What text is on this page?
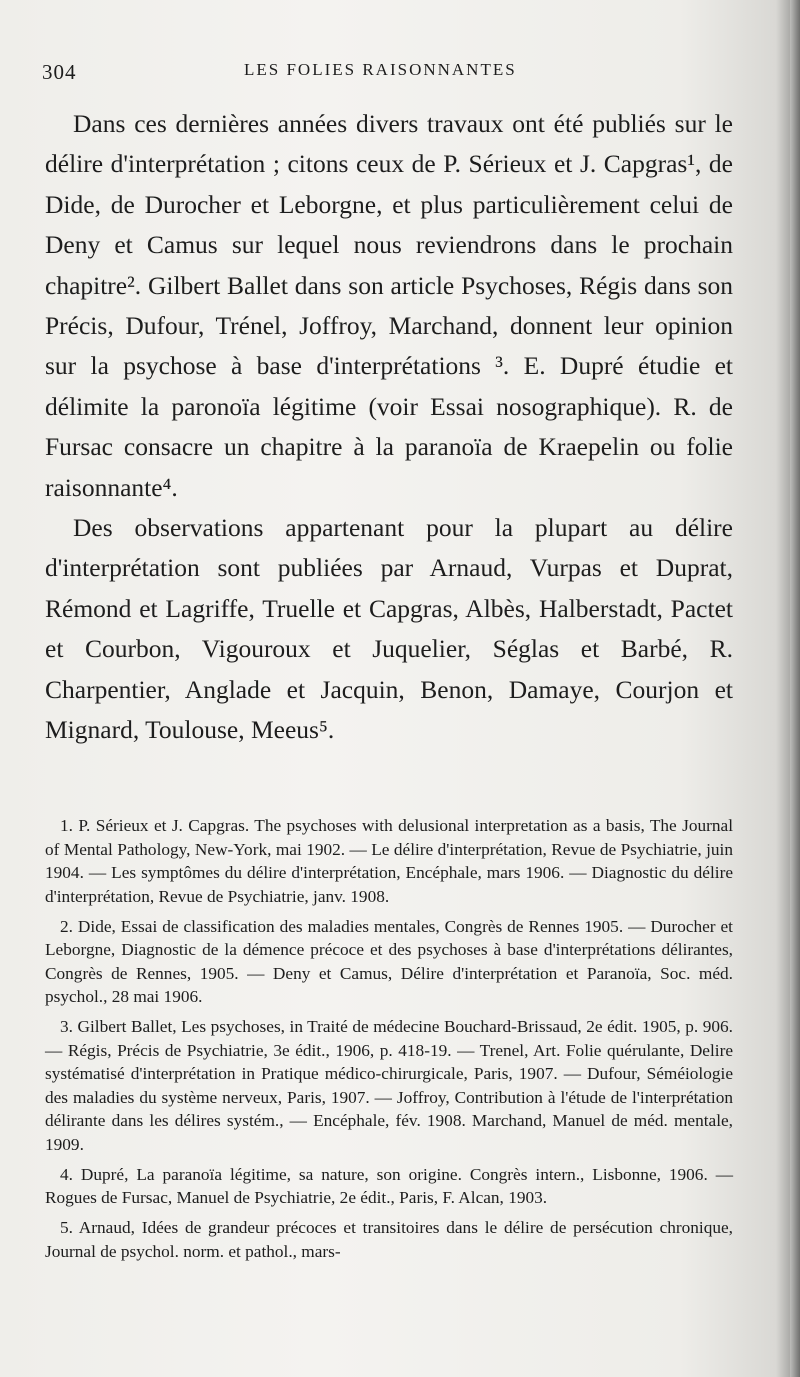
304	LES FOLIES RAISONNANTES

Dans ces dernières années divers travaux ont été publiés sur le délire d'interprétation ; citons ceux de P. Sérieux et J. Capgras¹, de Dide, de Durocher et Leborgne, et plus particulièrement celui de Deny et Camus sur lequel nous reviendrons dans le prochain chapitre². Gilbert Ballet dans son article Psychoses, Régis dans son Précis, Dufour, Trénel, Joffroy, Marchand, donnent leur opinion sur la psychose à base d'interprétations ³. E. Dupré étudie et délimite la paronoïa légitime (voir Essai nosographique). R. de Fursac consacre un chapitre à la paranoïa de Kraepelin ou folie raisonnante⁴.

Des observations appartenant pour la plupart au délire d'interprétation sont publiées par Arnaud, Vurpas et Duprat, Rémond et Lagriffe, Truelle et Capgras, Albès, Halberstadt, Pactet et Courbon, Vigouroux et Juquelier, Séglas et Barbé, R. Charpentier, Anglade et Jacquin, Benon, Damaye, Courjon et Mignard, Toulouse, Meeus⁵.

1. P. Sérieux et J. Capgras. The psychoses with delusional interpretation as a basis, The Journal of Mental Pathology, New-York, mai 1902. — Le délire d'interprétation, Revue de Psychiatrie, juin 1904. — Les symptômes du délire d'interprétation, Encéphale, mars 1906. — Diagnostic du délire d'interprétation, Revue de Psychiatrie, janv. 1908.

2. Dide, Essai de classification des maladies mentales, Congrès de Rennes 1905. — Durocher et Leborgne, Diagnostic de la démence précoce et des psychoses à base d'interprétations délirantes, Congrès de Rennes, 1905. — Deny et Camus, Délire d'interprétation et Paranoïa, Soc. méd. psychol., 28 mai 1906.

3. Gilbert Ballet, Les psychoses, in Traité de médecine Bouchard-Brissaud, 2e édit. 1905, p. 906. — Régis, Précis de Psychiatrie, 3e édit., 1906, p. 418-19. — Trenel, Art. Folie quérulante, Delire systématisé d'interprétation in Pratique médico-chirurgicale, Paris, 1907. — Dufour, Séméiologie des maladies du système nerveux, Paris, 1907. — Joffroy, Contribution à l'étude de l'interprétation délirante dans les délires systém., — Encéphale, fév. 1908. Marchand, Manuel de méd. mentale, 1909.

4. Dupré, La paranoïa légitime, sa nature, son origine. Congrès intern., Lisbonne, 1906. — Rogues de Fursac, Manuel de Psychiatrie, 2e édit., Paris, F. Alcan, 1903.

5. Arnaud, Idées de grandeur précoces et transitoires dans le délire de persécution chronique, Journal de psychol. norm. et pathol., mars-
